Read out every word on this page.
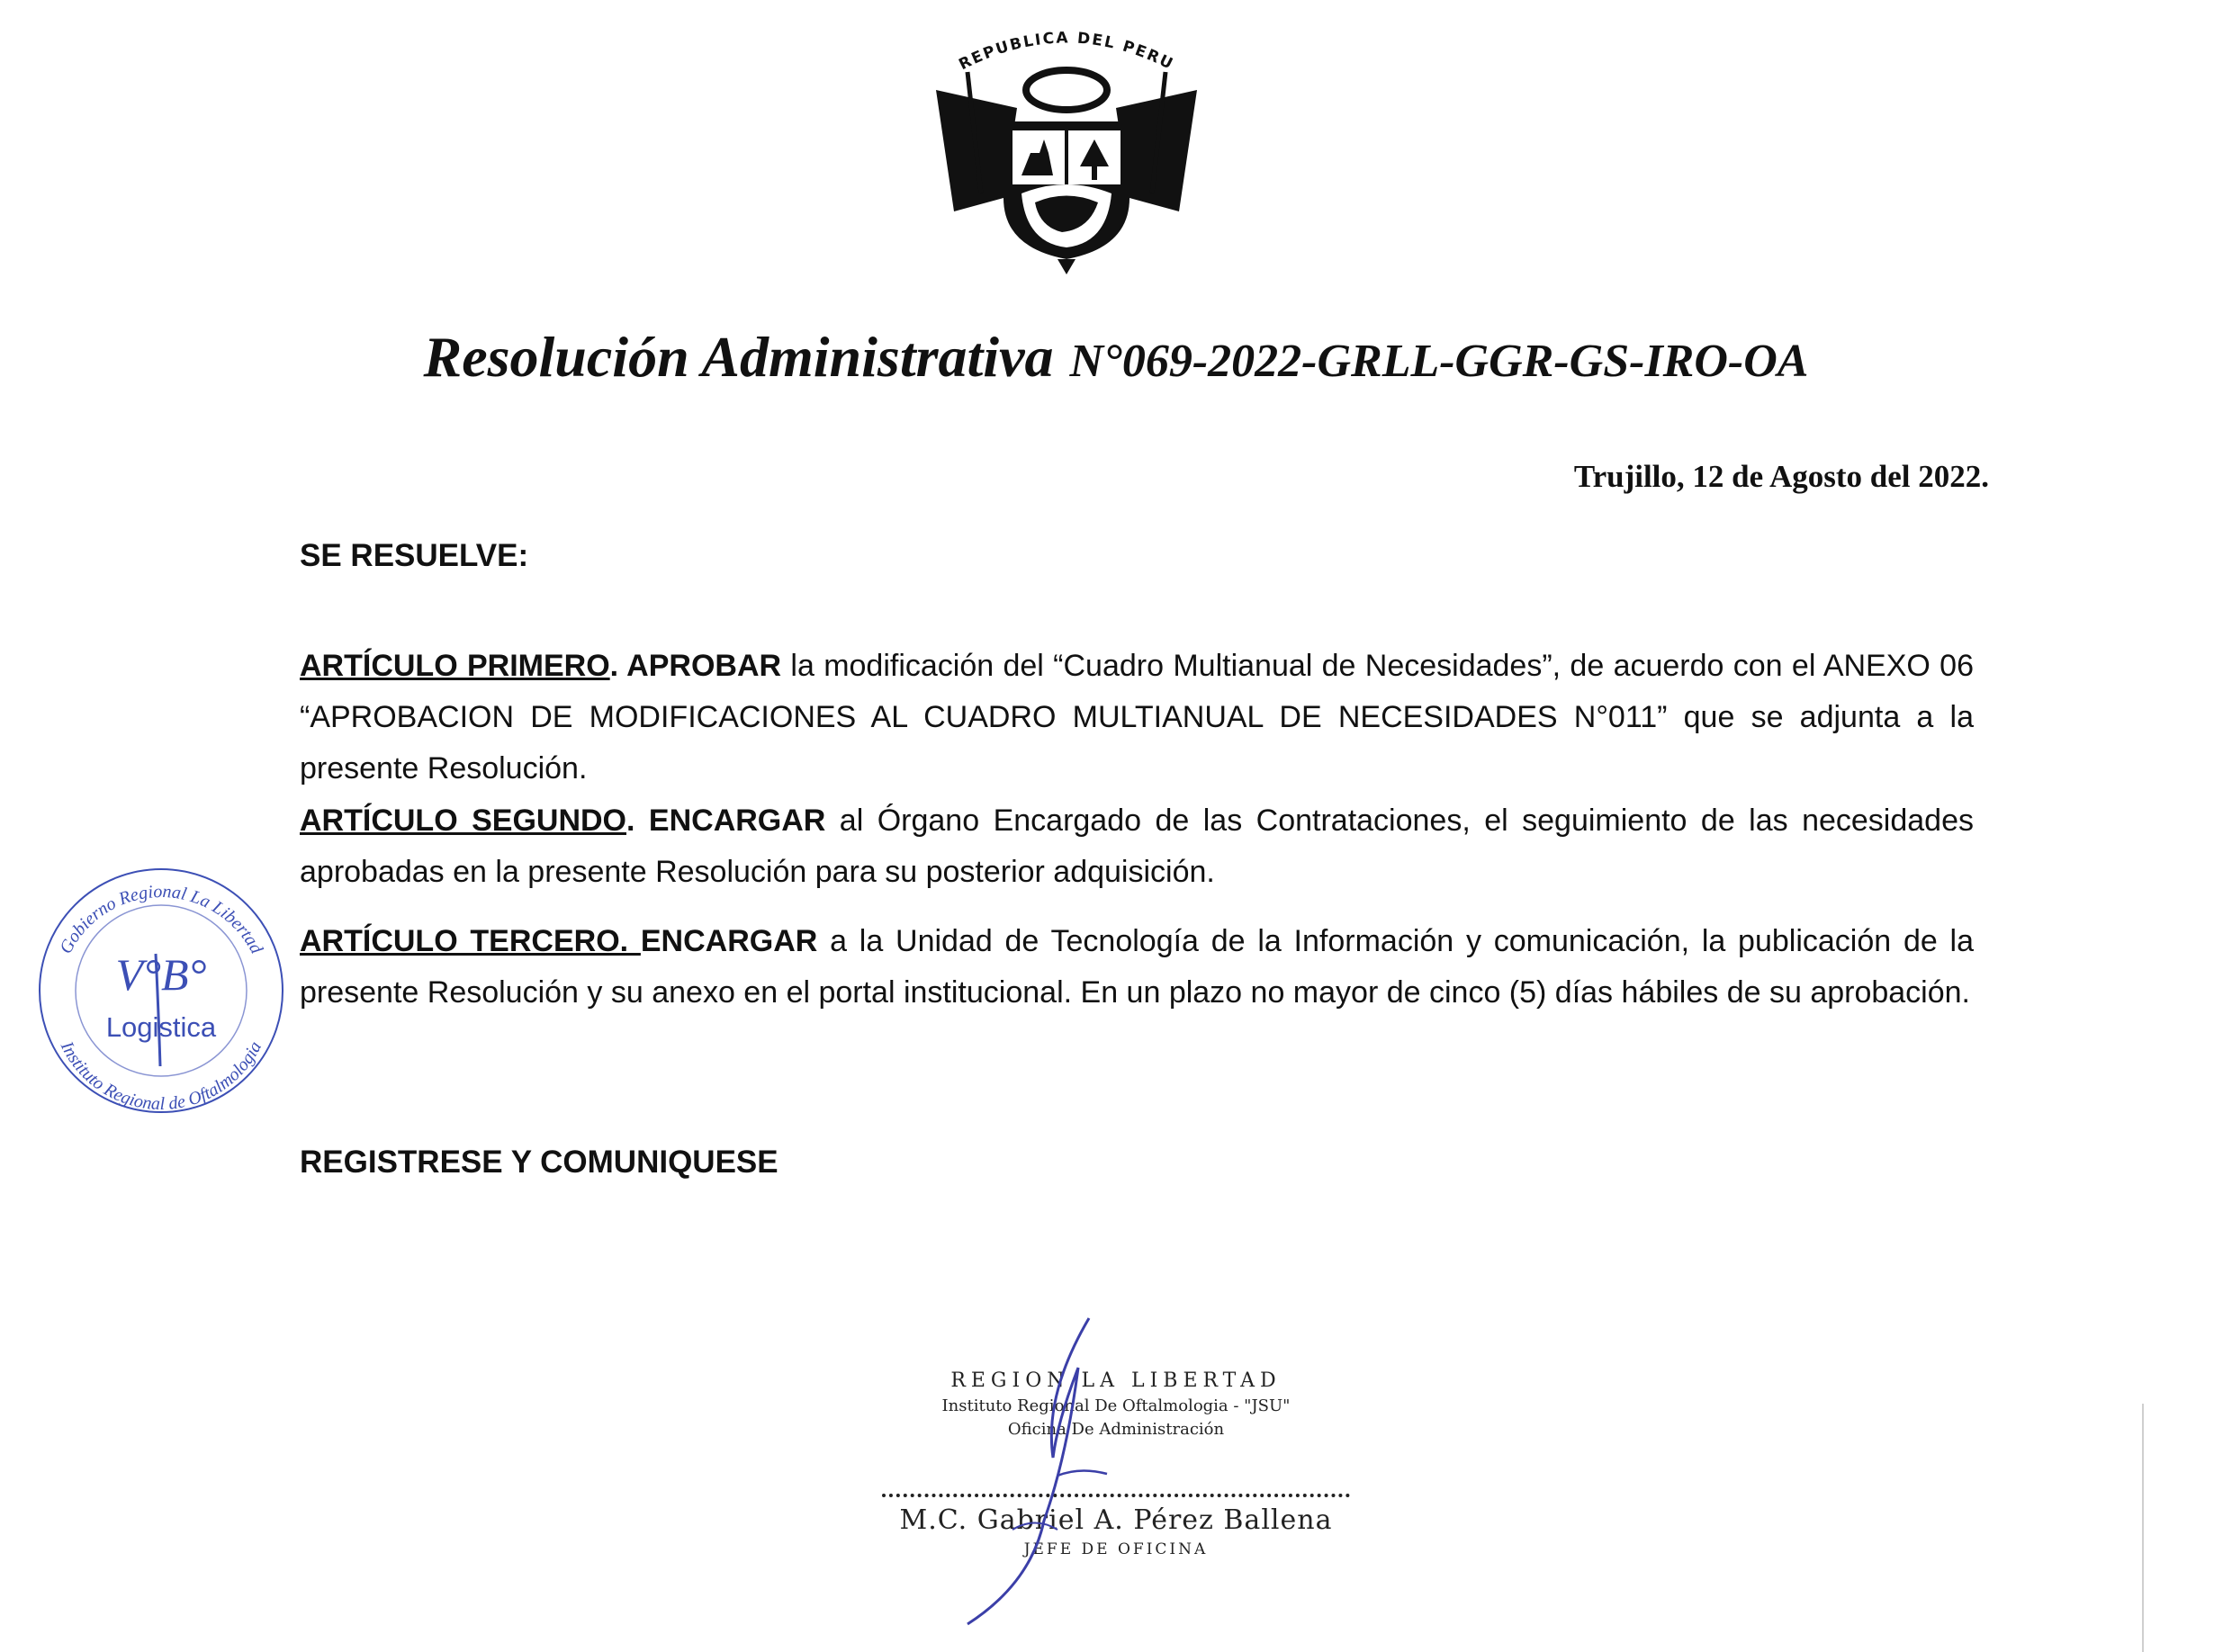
REPUBLICA DEL PERU
Resolución Administrativa N°069-2022-GRLL-GGR-GS-IRO-OA
Trujillo, 12 de Agosto del 2022.
SE RESUELVE:
ARTÍCULO PRIMERO. APROBAR la modificación del “Cuadro Multianual de Necesidades”, de acuerdo con el ANEXO 06 “APROBACION DE MODIFICACIONES AL CUADRO MULTIANUAL DE NECESIDADES N°011” que se adjunta a la presente Resolución.
ARTÍCULO SEGUNDO. ENCARGAR al Órgano Encargado de las Contrataciones, el seguimiento de las necesidades aprobadas en la presente Resolución para su posterior adquisición.
ARTÍCULO TERCERO. ENCARGAR a la Unidad de Tecnología de la Información y comunicación, la publicación de la presente Resolución y su anexo en el portal institucional. En un plazo no mayor de cinco (5) días hábiles de su aprobación.
REGISTRESE Y COMUNIQUESE
Gobierno Regional La Libertad
Instituto Regional de Oftalmologia
V°B°
Logistica
REGION LA LIBERTAD
Instituto Regional De Oftalmologia - "JSU"
Oficina De Administración
M.C. Gabriel A. Pérez Ballena
JEFE DE OFICINA
